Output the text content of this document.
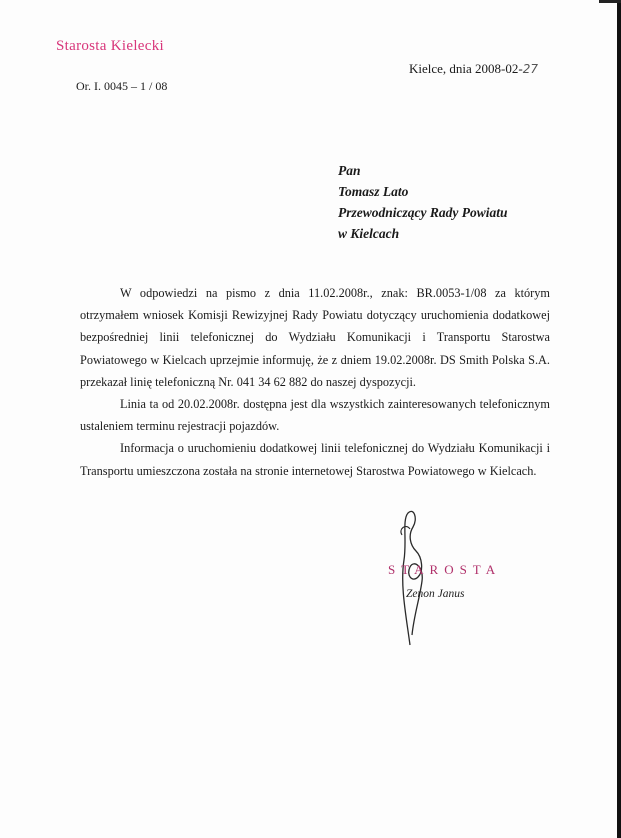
Starosta Kielecki
Kielce, dnia 2008-02-27
Or. I. 0045 – 1 / 08
Pan
Tomasz Lato
Przewodniczący Rady Powiatu
w Kielcach

W odpowiedzi na pismo z dnia 11.02.2008r., znak: BR.0053-1/08 za którym otrzymałem wniosek Komisji Rewizyjnej Rady Powiatu dotyczący uruchomienia dodatkowej bezpośredniej linii telefonicznej do Wydziału Komunikacji i Transportu Starostwa Powiatowego w Kielcach uprzejmie informuję, że z dniem 19.02.2008r. DS Smith Polska S.A. przekazał linię telefoniczną Nr. 041 34 62 882 do naszej dyspozycji.

Linia ta od 20.02.2008r. dostępna jest dla wszystkich zainteresowanych telefonicznym ustaleniem terminu rejestracji pojazdów.

Informacja o uruchomieniu dodatkowej linii telefonicznej do Wydziału Komunikacji i Transportu umieszczona została na stronie internetowej Starostwa Powiatowego w Kielcach.

STAROSTA
Zenon Janus
